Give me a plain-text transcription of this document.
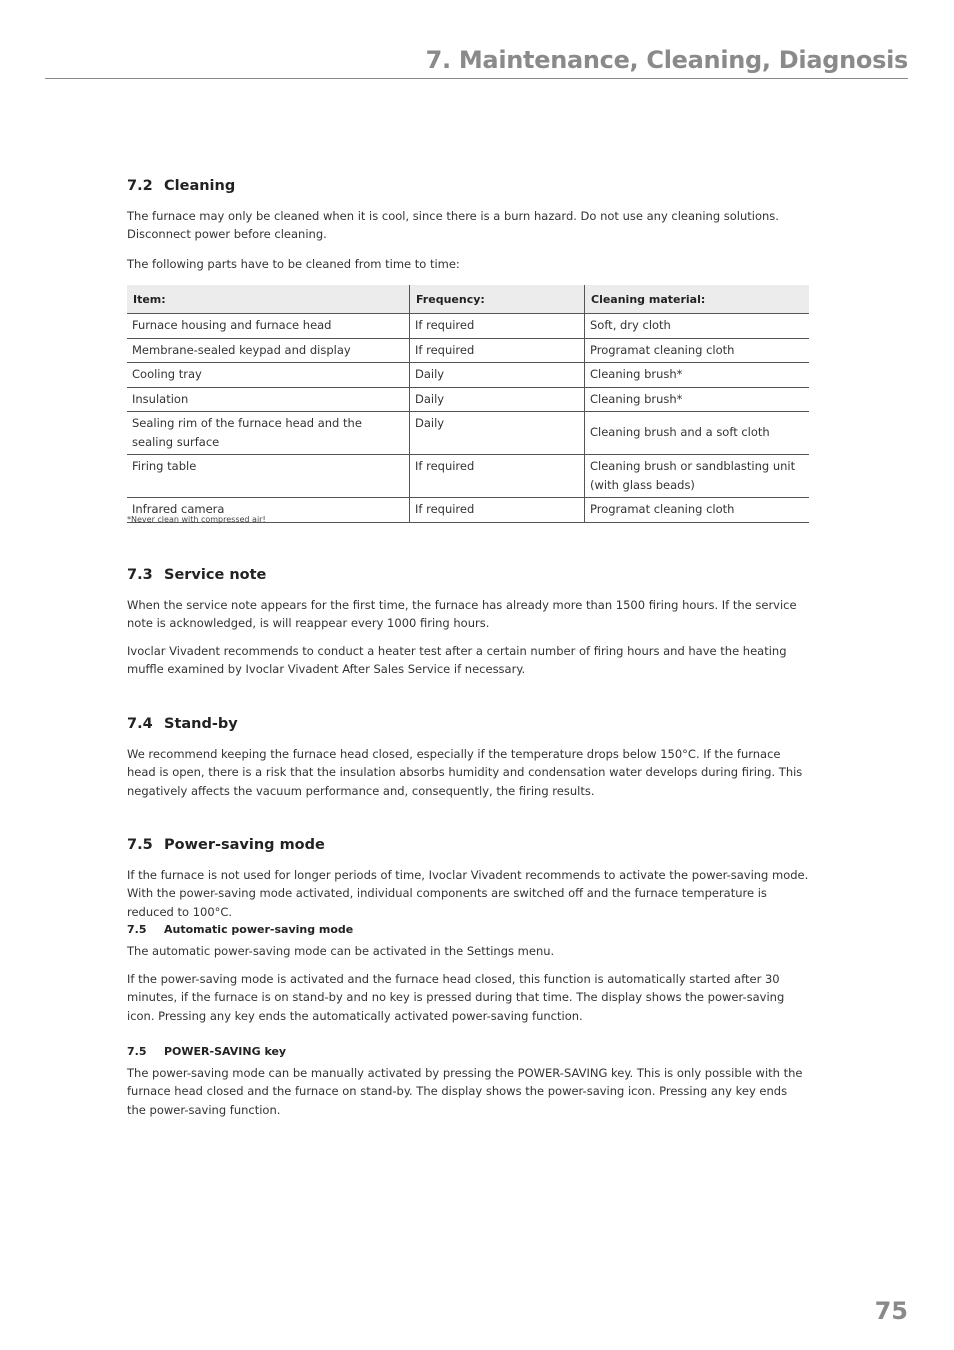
7. Maintenance, Cleaning, Diagnosis
7.2 Cleaning

The furnace may only be cleaned when it is cool, since there is a burn hazard. Do not use any cleaning solutions. Disconnect power before cleaning.

The following parts have to be cleaned from time to time:

Item:	Frequency:	Cleaning material:
Furnace housing and furnace head	If required	Soft, dry cloth
Membrane-sealed keypad and display	If required	Programat cleaning cloth
Cooling tray	Daily	Cleaning brush*
Insulation	Daily	Cleaning brush*
Sealing rim of the furnace head and the sealing surface	Daily	Cleaning brush and a soft cloth
Firing table	If required	Cleaning brush or sandblasting unit (with glass beads)
Infrared camera	If required	Programat cleaning cloth
*Never clean with compressed air!
7.3 Service note

When the service note appears for the first time, the furnace has already more than 1500 firing hours. If the service note is acknowledged, is will reappear every 1000 firing hours.

Ivoclar Vivadent recommends to conduct a heater test after a certain number of firing hours and have the heating muffle examined by Ivoclar Vivadent After Sales Service if necessary.

7.4 Stand-by

We recommend keeping the furnace head closed, especially if the temperature drops below 150°C. If the furnace head is open, there is a risk that the insulation absorbs humidity and condensation water develops during firing. This negatively affects the vacuum performance and, consequently, the firing results.

7.5 Power-saving mode

If the furnace is not used for longer periods of time, Ivoclar Vivadent recommends to activate the power-saving mode. With the power-saving mode activated, individual components are switched off and the furnace temperature is reduced to 100°C.

7.5 Automatic power-saving mode

The automatic power-saving mode can be activated in the Settings menu.

If the power-saving mode is activated and the furnace head closed, this function is automatically started after 30 minutes, if the furnace is on stand-by and no key is pressed during that time. The display shows the power-saving icon. Pressing any key ends the automatically activated power-saving function.

7.5 POWER-SAVING key

The power-saving mode can be manually activated by pressing the POWER-SAVING key. This is only possible with the furnace head closed and the furnace on stand-by. The display shows the power-saving icon. Pressing any key ends the power-saving function.

75
